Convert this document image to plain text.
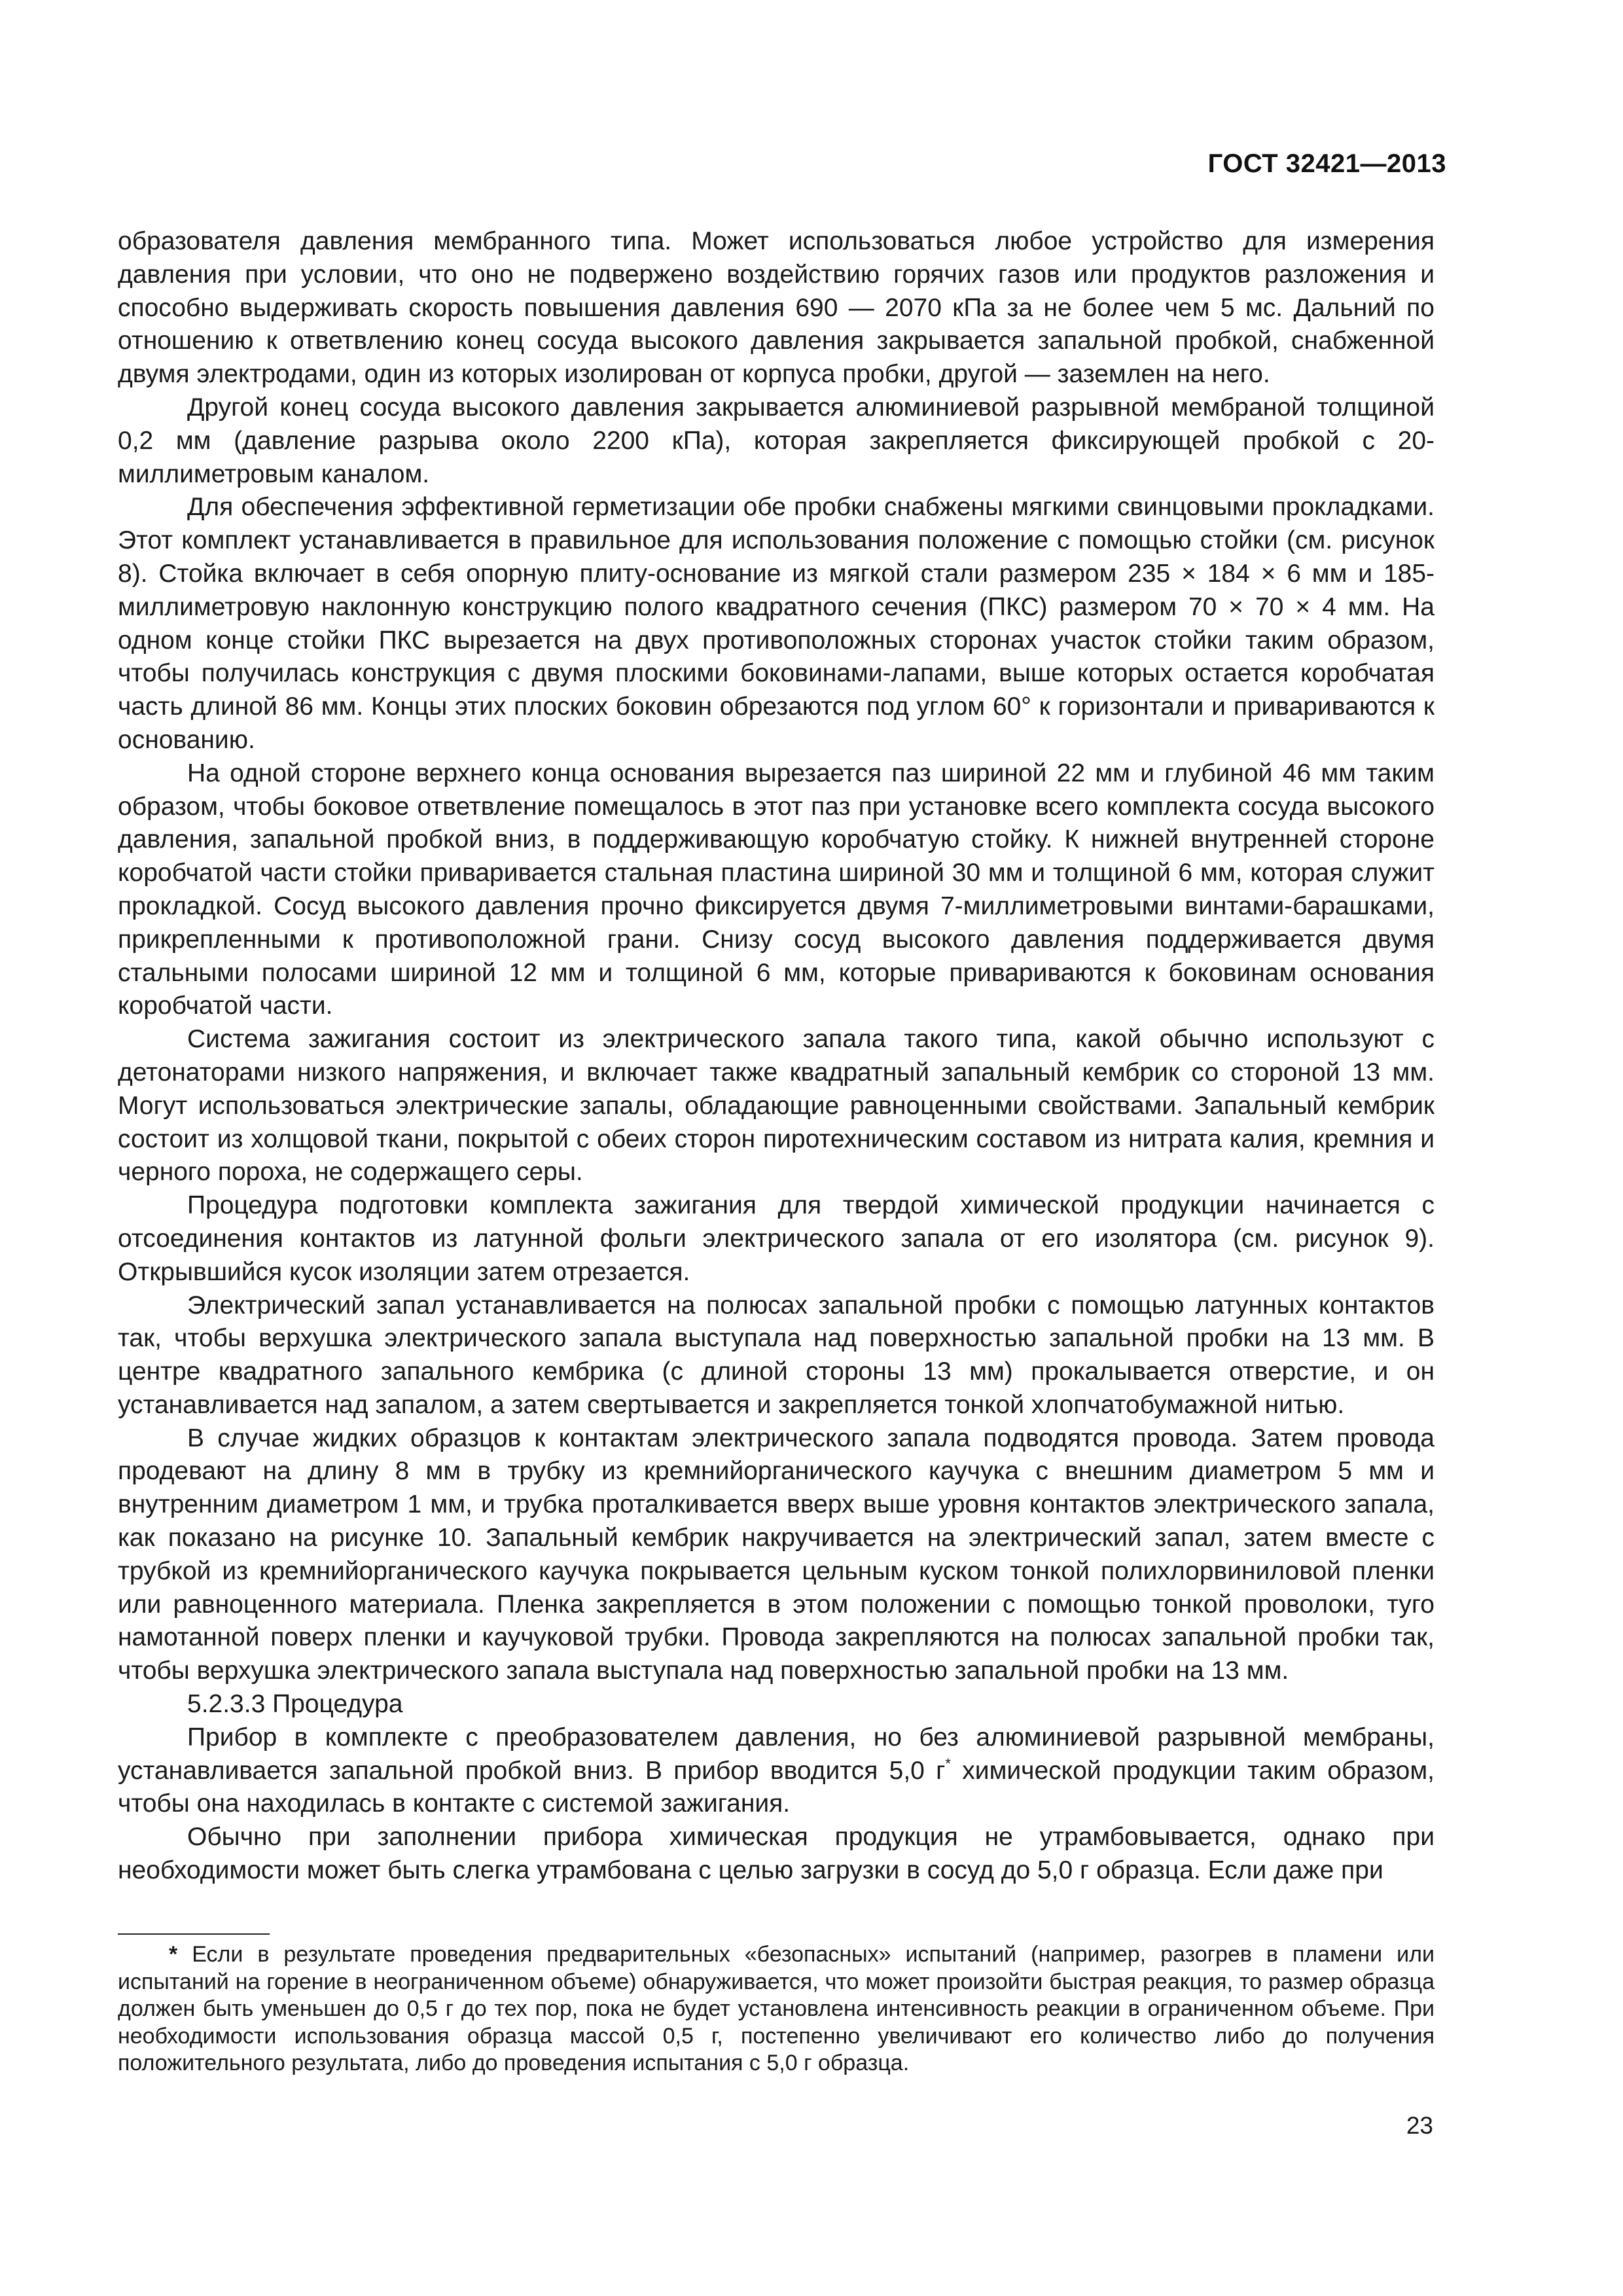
ГОСТ 32421—2013

образователя давления мембранного типа. Может использоваться любое устройство для измерения давления при условии, что оно не подвержено воздействию горячих газов или продуктов разложения и способно выдерживать скорость повышения давления 690 — 2070 кПа за не более чем 5 мс. Дальний по отношению к ответвлению конец сосуда высокого давления закрывается запальной пробкой, снабженной двумя электродами, один из которых изолирован от корпуса пробки, другой — заземлен на него.

Другой конец сосуда высокого давления закрывается алюминиевой разрывной мембраной толщиной 0,2 мм (давление разрыва около 2200 кПа), которая закрепляется фиксирующей пробкой с 20-миллиметровым каналом.

Для обеспечения эффективной герметизации обе пробки снабжены мягкими свинцовыми прокладками. Этот комплект устанавливается в правильное для использования положение с помощью стойки (см. рисунок 8). Стойка включает в себя опорную плиту-основание из мягкой стали размером 235 × 184 × 6 мм и 185-миллиметровую наклонную конструкцию полого квадратного сечения (ПКС) размером 70 × 70 × 4 мм. На одном конце стойки ПКС вырезается на двух противоположных сторонах участок стойки таким образом, чтобы получилась конструкция с двумя плоскими боковинами-лапами, выше которых остается коробчатая часть длиной 86 мм. Концы этих плоских боковин обрезаются под углом 60° к горизонтали и привариваются к основанию.

На одной стороне верхнего конца основания вырезается паз шириной 22 мм и глубиной 46 мм таким образом, чтобы боковое ответвление помещалось в этот паз при установке всего комплекта сосуда высокого давления, запальной пробкой вниз, в поддерживающую коробчатую стойку. К нижней внутренней стороне коробчатой части стойки приваривается стальная пластина шириной 30 мм и толщиной 6 мм, которая служит прокладкой. Сосуд высокого давления прочно фиксируется двумя 7-миллиметровыми винтами-барашками, прикрепленными к противоположной грани. Снизу сосуд высокого давления поддерживается двумя стальными полосами шириной 12 мм и толщиной 6 мм, которые привариваются к боковинам основания коробчатой части.

Система зажигания состоит из электрического запала такого типа, какой обычно используют с детонаторами низкого напряжения, и включает также квадратный запальный кембрик со стороной 13 мм. Могут использоваться электрические запалы, обладающие равноценными свойствами. Запальный кембрик состоит из холщовой ткани, покрытой с обеих сторон пиротехническим составом из нитрата калия, кремния и черного пороха, не содержащего серы.

Процедура подготовки комплекта зажигания для твердой химической продукции начинается с отсоединения контактов из латунной фольги электрического запала от его изолятора (см. рисунок 9). Открывшийся кусок изоляции затем отрезается.

Электрический запал устанавливается на полюсах запальной пробки с помощью латунных контактов так, чтобы верхушка электрического запала выступала над поверхностью запальной пробки на 13 мм. В центре квадратного запального кембрика (с длиной стороны 13 мм) прокалывается отверстие, и он устанавливается над запалом, а затем свертывается и закрепляется тонкой хлопчатобумажной нитью.

В случае жидких образцов к контактам электрического запала подводятся провода. Затем провода продевают на длину 8 мм в трубку из кремнийорганического каучука с внешним диаметром 5 мм и внутренним диаметром 1 мм, и трубка проталкивается вверх выше уровня контактов электрического запала, как показано на рисунке 10. Запальный кембрик накручивается на электрический запал, затем вместе с трубкой из кремнийорганического каучука покрывается цельным куском тонкой полихлорвиниловой пленки или равноценного материала. Пленка закрепляется в этом положении с помощью тонкой проволоки, туго намотанной поверх пленки и каучуковой трубки. Провода закрепляются на полюсах запальной пробки так, чтобы верхушка электрического запала выступала над поверхностью запальной пробки на 13 мм.

5.2.3.3 Процедура

Прибор в комплекте с преобразователем давления, но без алюминиевой разрывной мембраны, устанавливается запальной пробкой вниз. В прибор вводится 5,0 г* химической продукции таким образом, чтобы она находилась в контакте с системой зажигания.

Обычно при заполнении прибора химическая продукция не утрамбовывается, однако при необходимости может быть слегка утрамбована с целью загрузки в сосуд до 5,0 г образца. Если даже при

* Если в результате проведения предварительных «безопасных» испытаний (например, разогрев в пламени или испытаний на горение в неограниченном объеме) обнаруживается, что может произойти быстрая реакция, то размер образца должен быть уменьшен до 0,5 г до тех пор, пока не будет установлена интенсивность реакции в ограниченном объеме. При необходимости использования образца массой 0,5 г, постепенно увеличивают его количество либо до получения положительного результата, либо до проведения испытания с 5,0 г образца.

23
